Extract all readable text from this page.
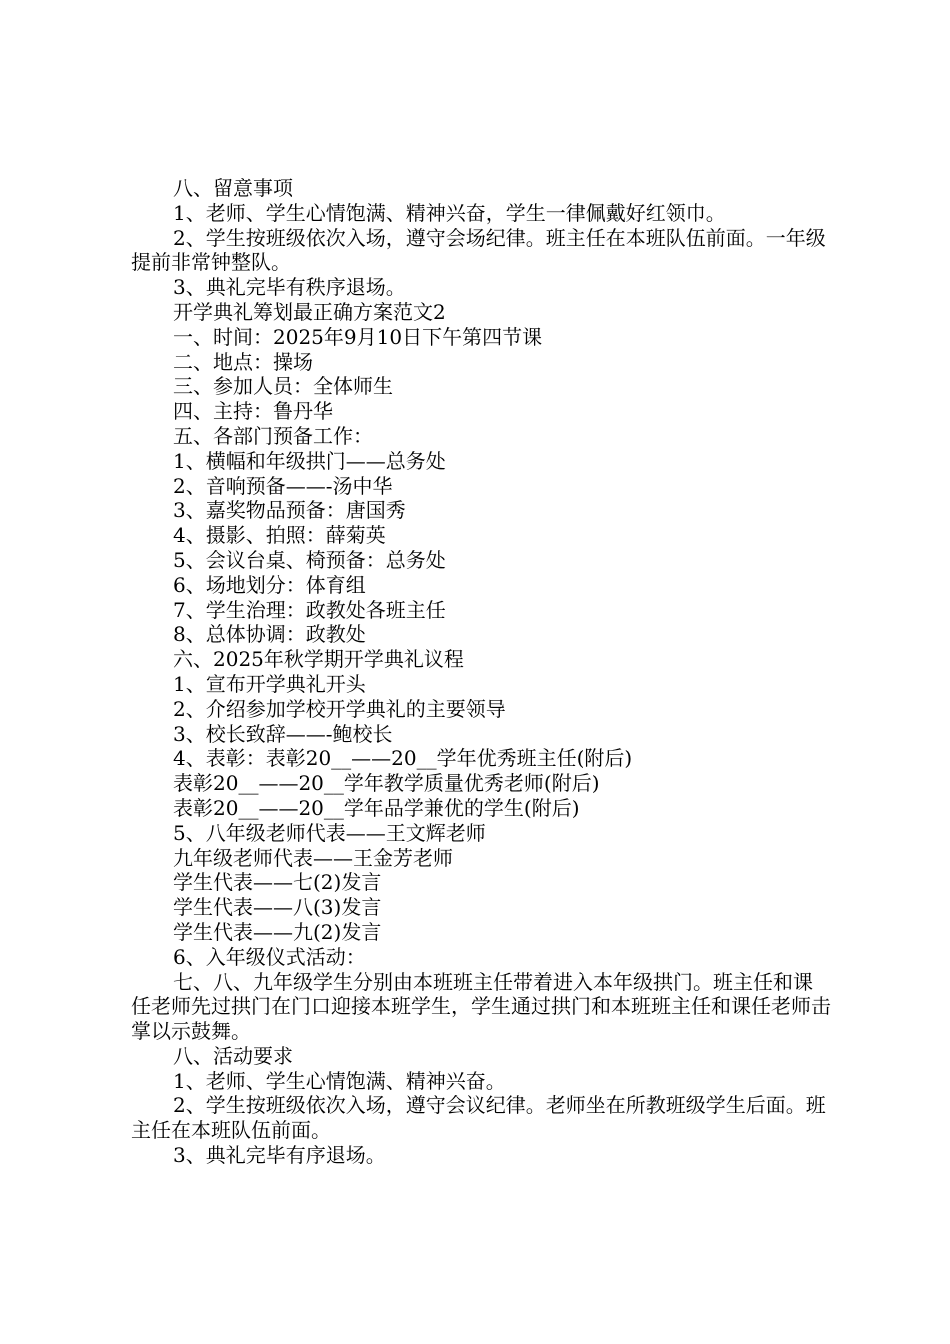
八、留意事项

1、老师、学生心情饱满、精神兴奋，学生一律佩戴好红领巾。

2、学生按班级依次入场，遵守会场纪律。班主任在本班队伍前面。一年级提前非常钟整队。

3、典礼完毕有秩序退场。

开学典礼筹划最正确方案范文2

一、时间：2025年9月10日下午第四节课

二、地点：操场

三、参加人员：全体师生

四、主持：鲁丹华

五、各部门预备工作：

1、横幅和年级拱门——总务处

2、音响预备——-汤中华

3、嘉奖物品预备：唐国秀

4、摄影、拍照：薛菊英

5、会议台桌、椅预备：总务处

6、场地划分：体育组

7、学生治理：政教处各班主任

8、总体协调：政教处

六、2025年秋学期开学典礼议程

1、宣布开学典礼开头

2、介绍参加学校开学典礼的主要领导

3、校长致辞——-鲍校长

4、表彰：表彰20__——20__学年优秀班主任(附后)

表彰20__——20__学年教学质量优秀老师(附后)

表彰20__——20__学年品学兼优的学生(附后)

5、八年级老师代表——王文辉老师

九年级老师代表——王金芳老师

学生代表——七(2)发言

学生代表——八(3)发言

学生代表——九(2)发言

6、入年级仪式活动：

七、八、九年级学生分别由本班班主任带着进入本年级拱门。班主任和课任老师先过拱门在门口迎接本班学生，学生通过拱门和本班班主任和课任老师击掌以示鼓舞。

八、活动要求

1、老师、学生心情饱满、精神兴奋。

2、学生按班级依次入场，遵守会议纪律。老师坐在所教班级学生后面。班主任在本班队伍前面。

3、典礼完毕有序退场。
